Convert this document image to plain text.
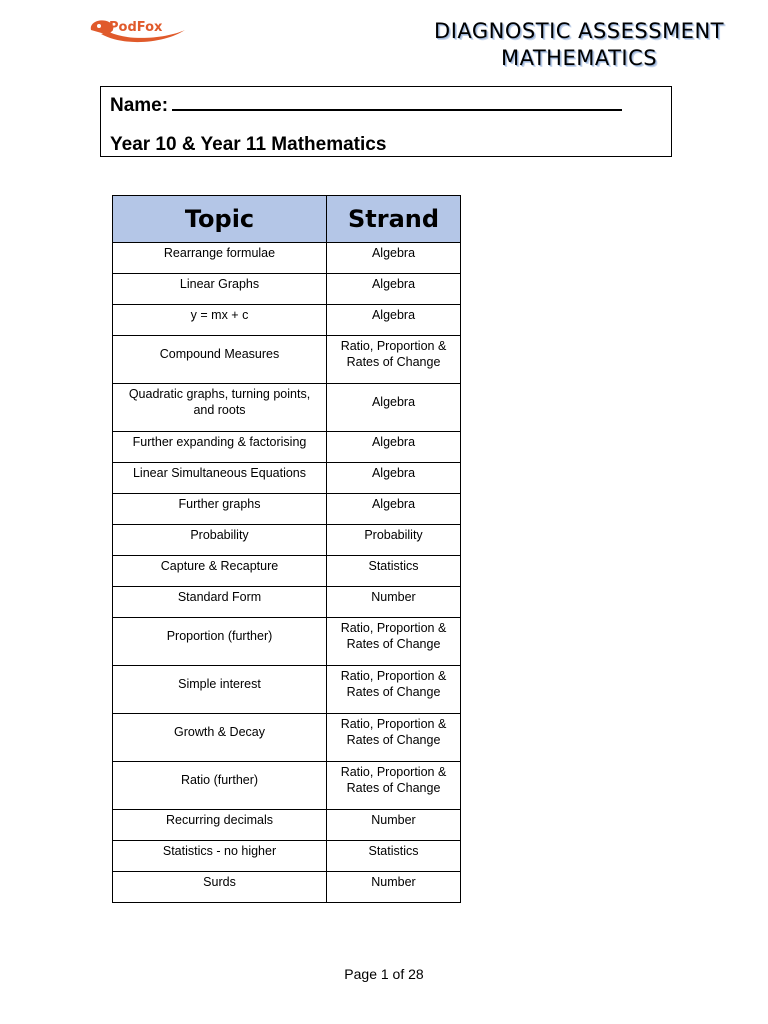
PodFox	DIAGNOSTIC ASSESSMENT
MATHEMATICS
Name:
Year 10 & Year 11 Mathematics
Topic	Strand

Rearrange formulae	Algebra

Linear Graphs	Algebra

y = mx + c	Algebra

Compound Measures	Ratio, Proportion & Rates of Change

Quadratic graphs, turning points, and roots	Algebra

Further expanding & factorising	Algebra

Linear Simultaneous Equations	Algebra

Further graphs	Algebra

Probability	Probability

Capture & Recapture	Statistics

Standard Form	Number

Proportion (further)	Ratio, Proportion & Rates of Change

Simple interest	Ratio, Proportion & Rates of Change

Growth & Decay	Ratio, Proportion & Rates of Change

Ratio (further)	Ratio, Proportion & Rates of Change

Recurring decimals	Number

Statistics - no higher	Statistics

Surds	Number
Page 1 of 28
